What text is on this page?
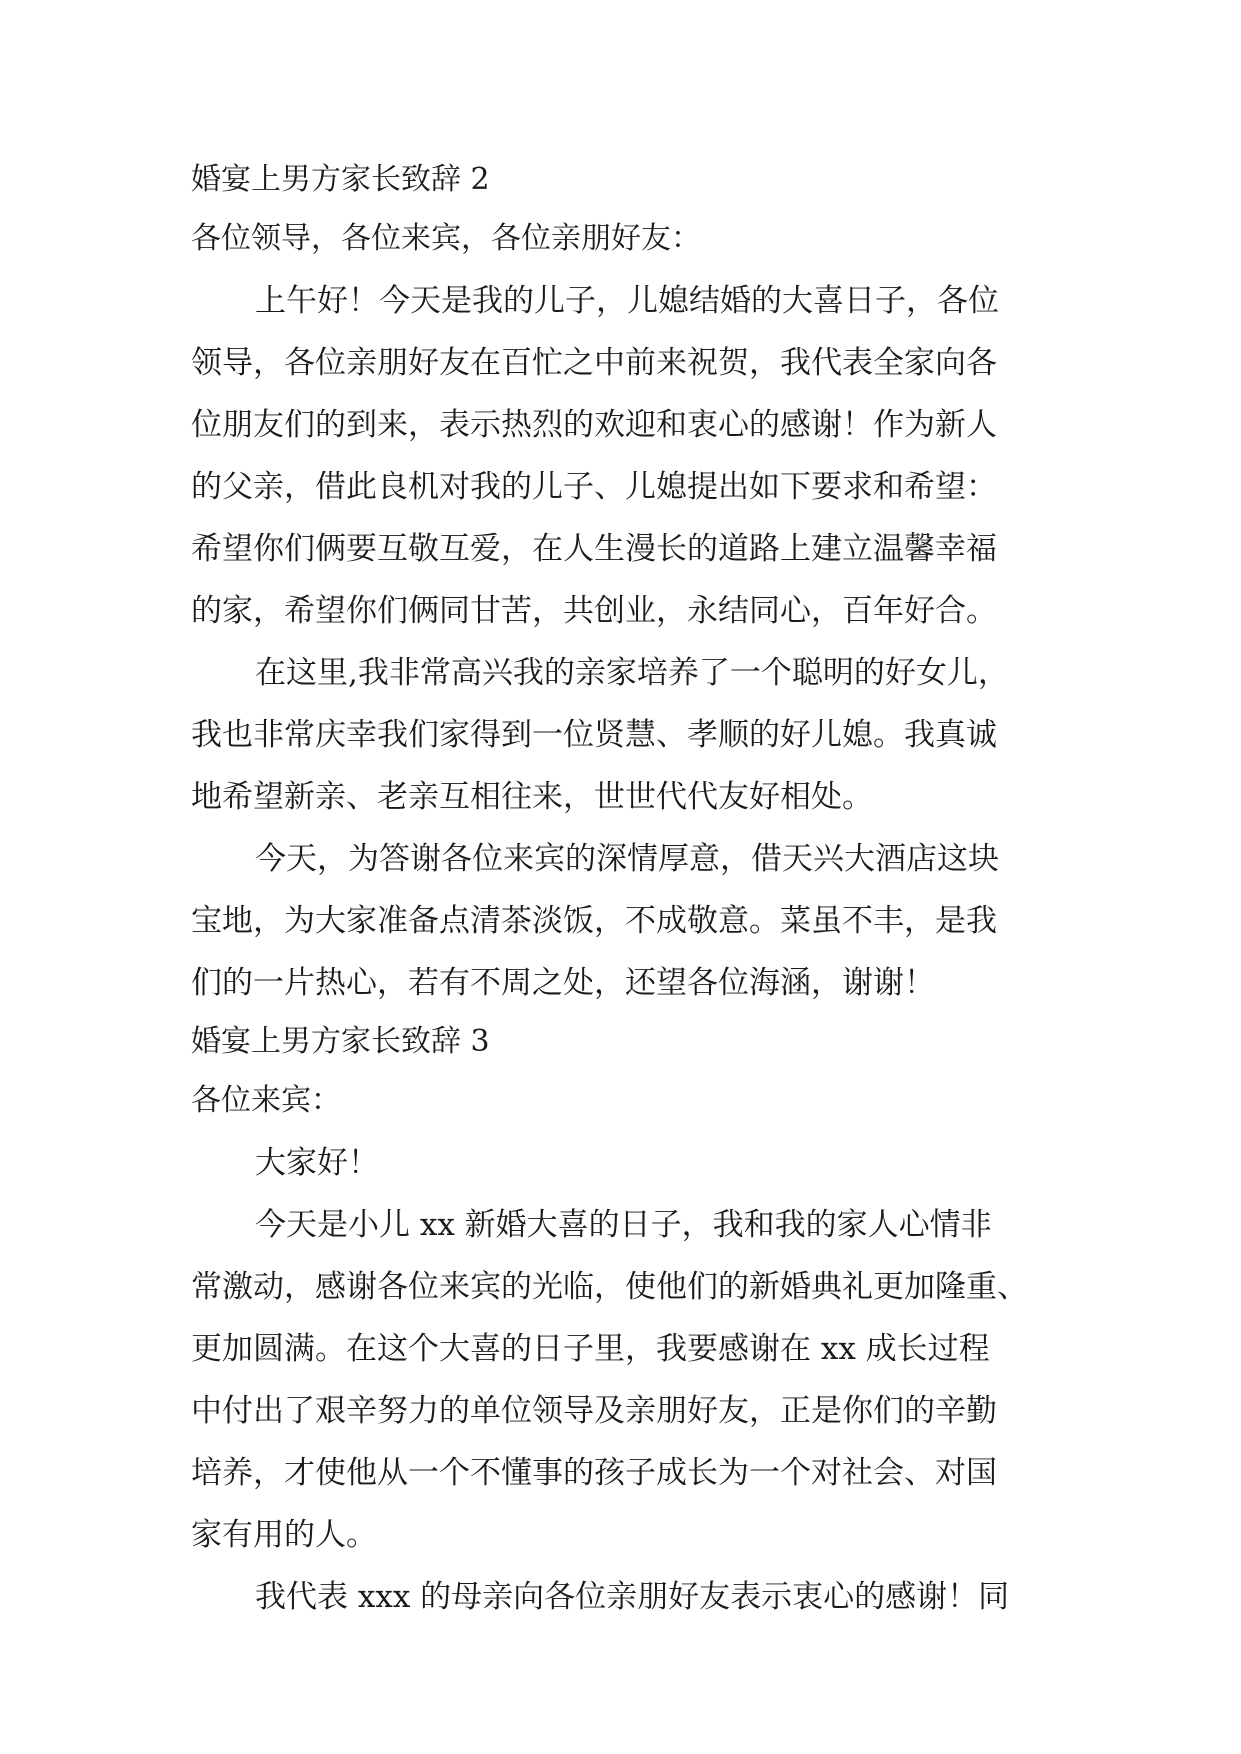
婚宴上男方家长致辞 2
各位领导，各位来宾，各位亲朋好友：
上午好！今天是我的儿子，儿媳结婚的大喜日子，各位
领导，各位亲朋好友在百忙之中前来祝贺，我代表全家向各
位朋友们的到来，表示热烈的欢迎和衷心的感谢！作为新人
的父亲，借此良机对我的儿子、儿媳提出如下要求和希望：
希望你们俩要互敬互爱，在人生漫长的道路上建立温馨幸福
的家，希望你们俩同甘苦，共创业，永结同心，百年好合。
在这里,我非常高兴我的亲家培养了一个聪明的好女儿，
我也非常庆幸我们家得到一位贤慧、孝顺的好儿媳。我真诚
地希望新亲、老亲互相往来，世世代代友好相处。
今天，为答谢各位来宾的深情厚意，借天兴大酒店这块
宝地，为大家准备点清茶淡饭，不成敬意。菜虽不丰，是我
们的一片热心，若有不周之处，还望各位海涵，谢谢！
婚宴上男方家长致辞 3
各位来宾：
大家好！
今天是小儿 xx 新婚大喜的日子，我和我的家人心情非
常激动，感谢各位来宾的光临，使他们的新婚典礼更加隆重、
更加圆满。在这个大喜的日子里，我要感谢在 xx 成长过程
中付出了艰辛努力的单位领导及亲朋好友，正是你们的辛勤
培养，才使他从一个不懂事的孩子成长为一个对社会、对国
家有用的人。
我代表 xxx 的母亲向各位亲朋好友表示衷心的感谢！同
